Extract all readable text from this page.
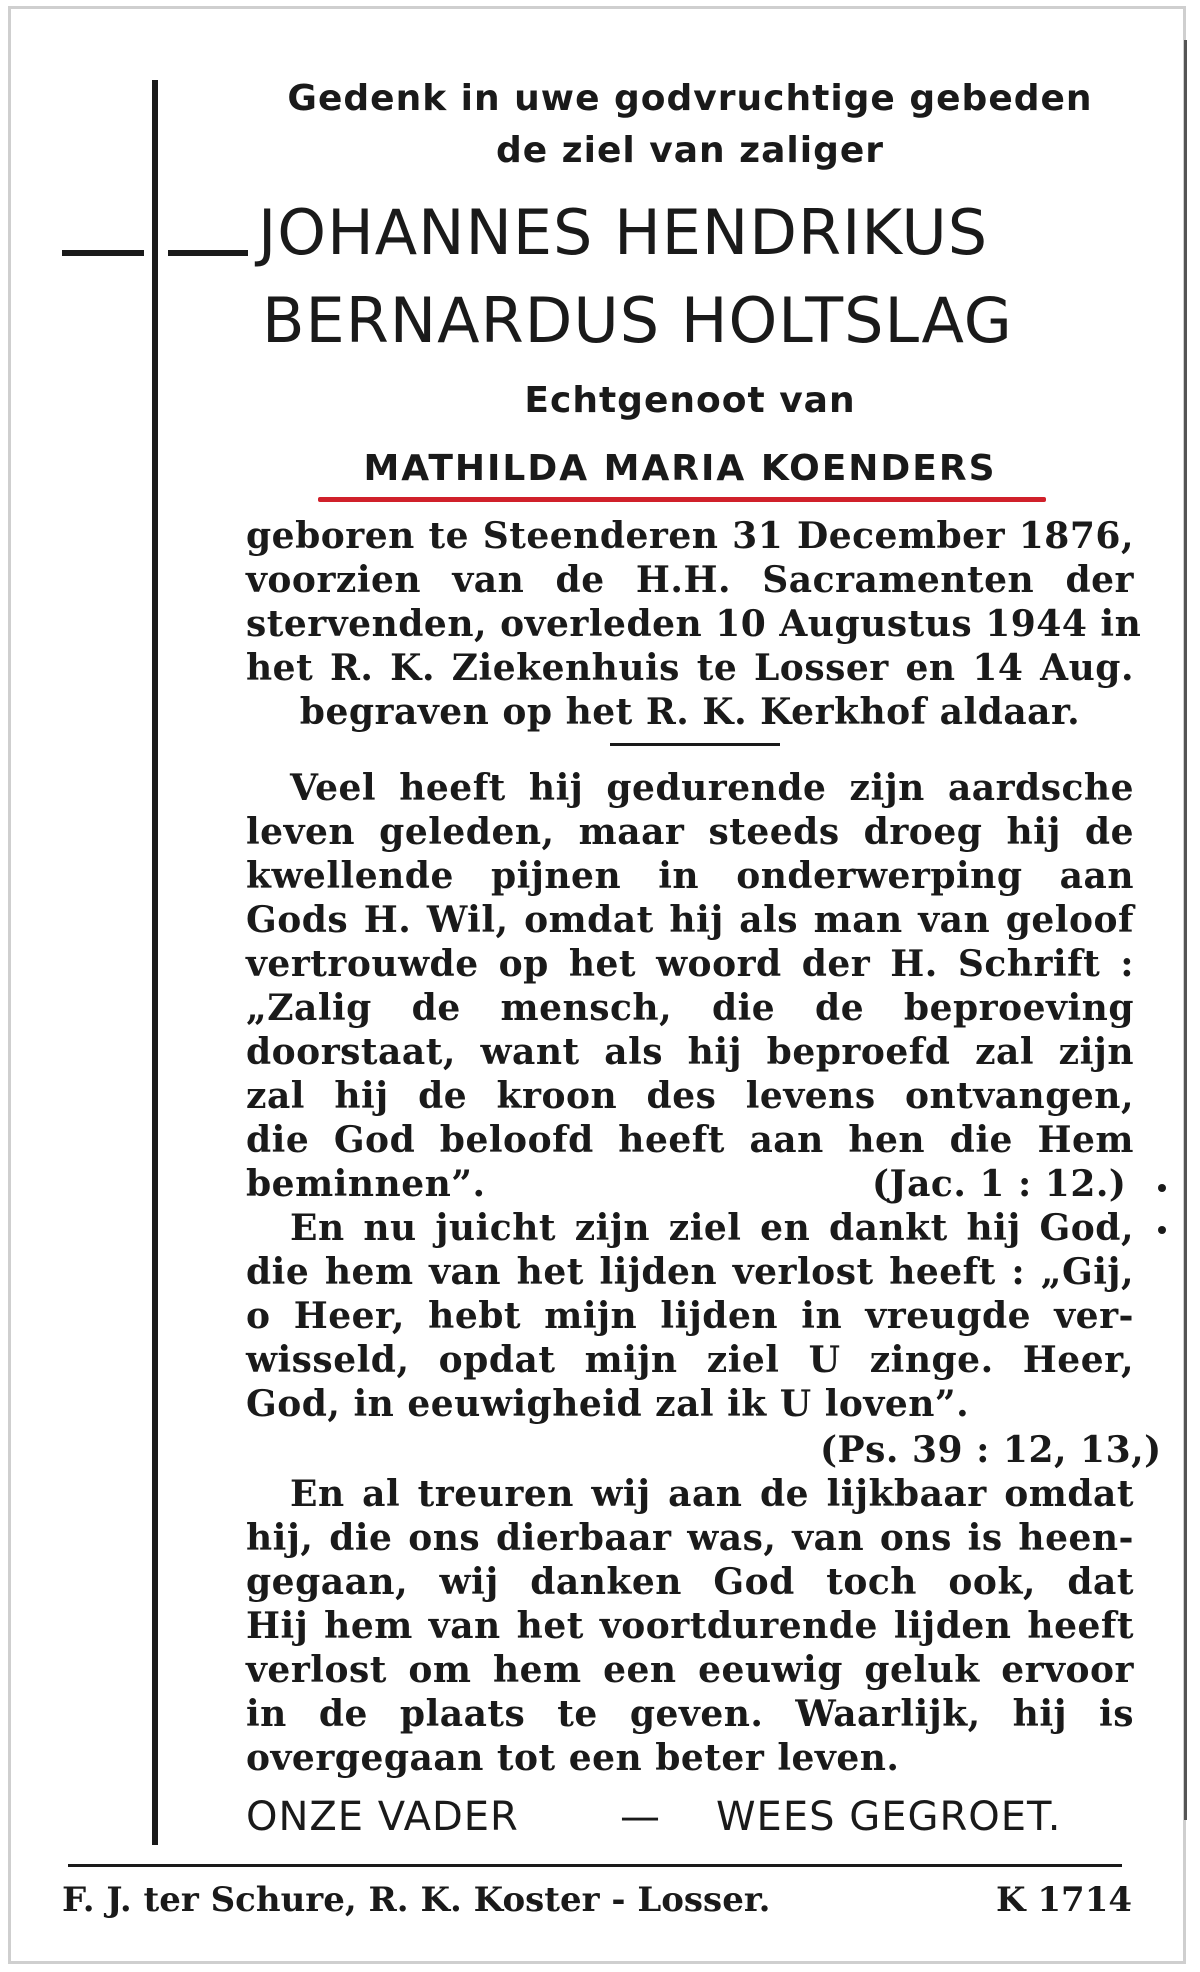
Gedenk in uwe godvruchtige gebeden
de ziel van zaliger
JOHANNES HENDRIKUS
BERNARDUS HOLTSLAG
Echtgenoot van
MATHILDA MARIA KOENDERS
geboren te Steenderen 31 December 1876,
voorzien van de H.H. Sacramenten der
stervenden, overleden 10 Augustus 1944 in
het R. K. Ziekenhuis te Losser en 14 Aug.
begraven op het R. K. Kerkhof aldaar.
Veel heeft hij gedurende zijn aardsche
leven geleden, maar steeds droeg hij de
kwellende pijnen in onderwerping aan
Gods H. Wil, omdat hij als man van geloof
vertrouwde op het woord der H. Schrift :
„Zalig de mensch, die de beproeving
doorstaat, want als hij beproefd zal zijn
zal hij de kroon des levens ontvangen,
die God beloofd heeft aan hen die Hem
beminnen”.	(Jac. 1 : 12.)
En nu juicht zijn ziel en dankt hij God,
die hem van het lijden verlost heeft : „Gij,
o Heer, hebt mijn lijden in vreugde ver-
wisseld, opdat mijn ziel U zinge. Heer,
God, in eeuwigheid zal ik U loven”.
(Ps. 39 : 12, 13,)
En al treuren wij aan de lijkbaar omdat
hij, die ons dierbaar was, van ons is heen-
gegaan, wij danken God toch ook, dat
Hij hem van het voortdurende lijden heeft
verlost om hem een eeuwig geluk ervoor
in de plaats te geven. Waarlijk, hij is
overgegaan tot een beter leven.
ONZE VADER	— WEES GEGROET.
F. J. ter Schure, R. K. Koster - Losser.	K 1714
